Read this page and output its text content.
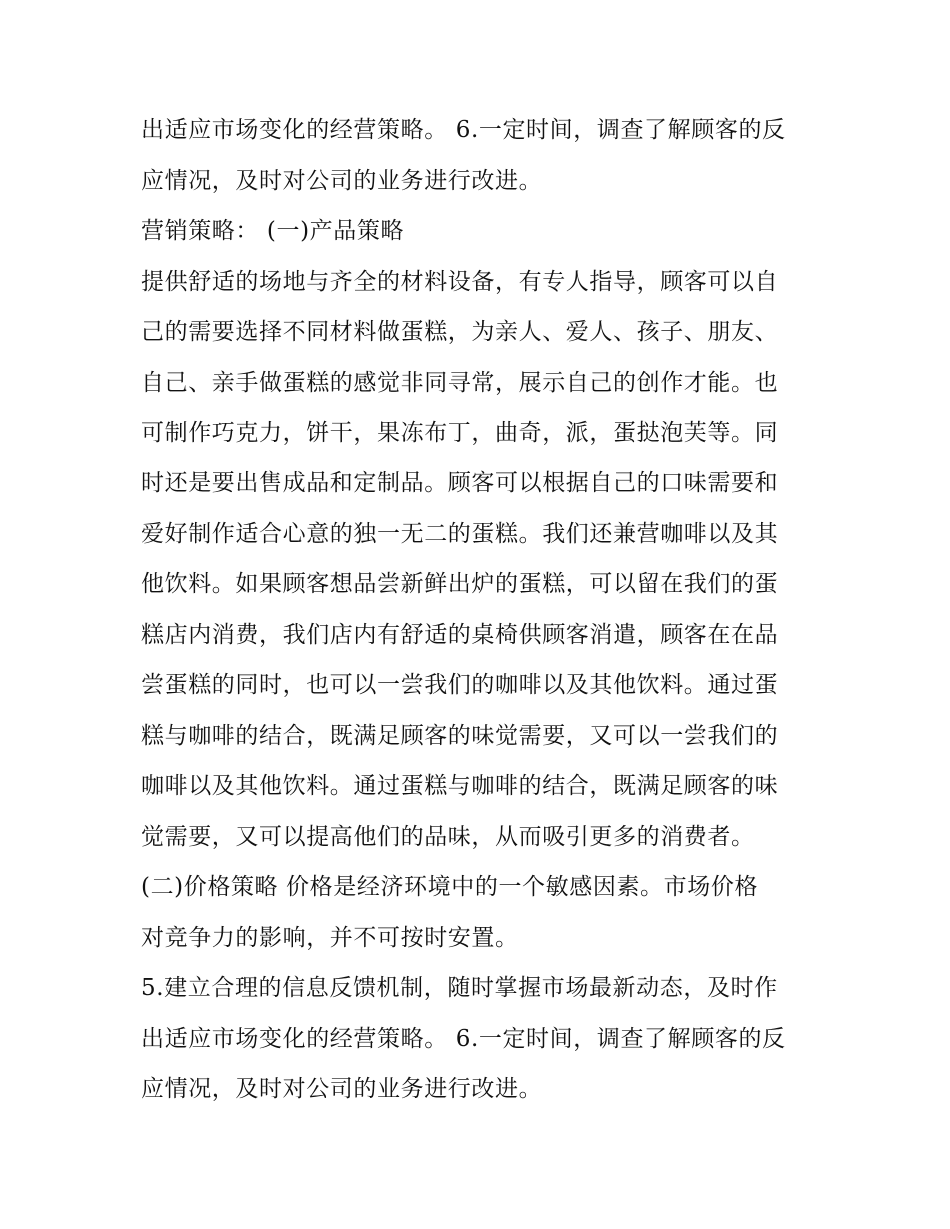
出适应市场变化的经营策略。 6.一定时间，调查了解顾客的反
应情况，及时对公司的业务进行改进。
营销策略： (一)产品策略
提供舒适的场地与齐全的材料设备，有专人指导，顾客可以自
己的需要选择不同材料做蛋糕，为亲人、爱人、孩子、朋友、
自己、亲手做蛋糕的感觉非同寻常，展示自己的创作才能。也
可制作巧克力，饼干，果冻布丁，曲奇，派，蛋挞泡芙等。同
时还是要出售成品和定制品。顾客可以根据自己的口味需要和
爱好制作适合心意的独一无二的蛋糕。我们还兼营咖啡以及其
他饮料。如果顾客想品尝新鲜出炉的蛋糕，可以留在我们的蛋
糕店内消费，我们店内有舒适的桌椅供顾客消遣，顾客在在品
尝蛋糕的同时，也可以一尝我们的咖啡以及其他饮料。通过蛋
糕与咖啡的结合，既满足顾客的味觉需要，又可以一尝我们的
咖啡以及其他饮料。通过蛋糕与咖啡的结合，既满足顾客的味
觉需要，又可以提高他们的品味，从而吸引更多的消费者。
(二)价格策略 价格是经济环境中的一个敏感因素。市场价格
对竞争力的影响，并不可按时安置。
5.建立合理的信息反馈机制，随时掌握市场最新动态，及时作
出适应市场变化的经营策略。 6.一定时间，调查了解顾客的反
应情况，及时对公司的业务进行改进。
